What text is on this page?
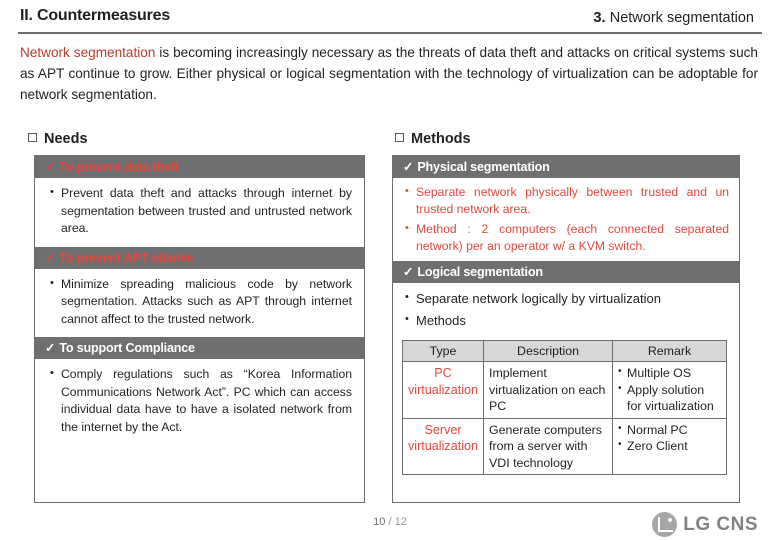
II. Countermeasures	3. Network segmentation
Network segmentation is becoming increasingly necessary as the threats of data theft and attacks on critical systems such as APT continue to grow. Either physical or logical segmentation with the technology of virtualization can be adoptable for network segmentation.
Needs
✓ To prevent data theft

• Prevent data theft and attacks through internet by segmentation between trusted and untrusted network area.

✓ To prevent APT attacks

• Minimize spreading malicious code by network segmentation. Attacks such as APT through internet cannot affect to the trusted network.

✓ To support Compliance

• Comply regulations such as “Korea Information Communications Network Act”. PC which can access individual data have to have a isolated network from the internet by the Act.

Methods
✓ Physical segmentation

• Separate network physically between trusted and un trusted network area.

• Method : 2 computers (each connected separated network) per an operator w/ a KVM switch.

✓ Logical segmentation

• Separate network logically by virtualization

• Methods

Type	Description	Remark
PC virtualization	Implement virtualization on each PC	• Multiple OS
• Apply solution for virtualization

Server virtualization	Generate computers from a server with VDI technology	• Normal PC
• Zero Client
10 / 12	LG CNS
